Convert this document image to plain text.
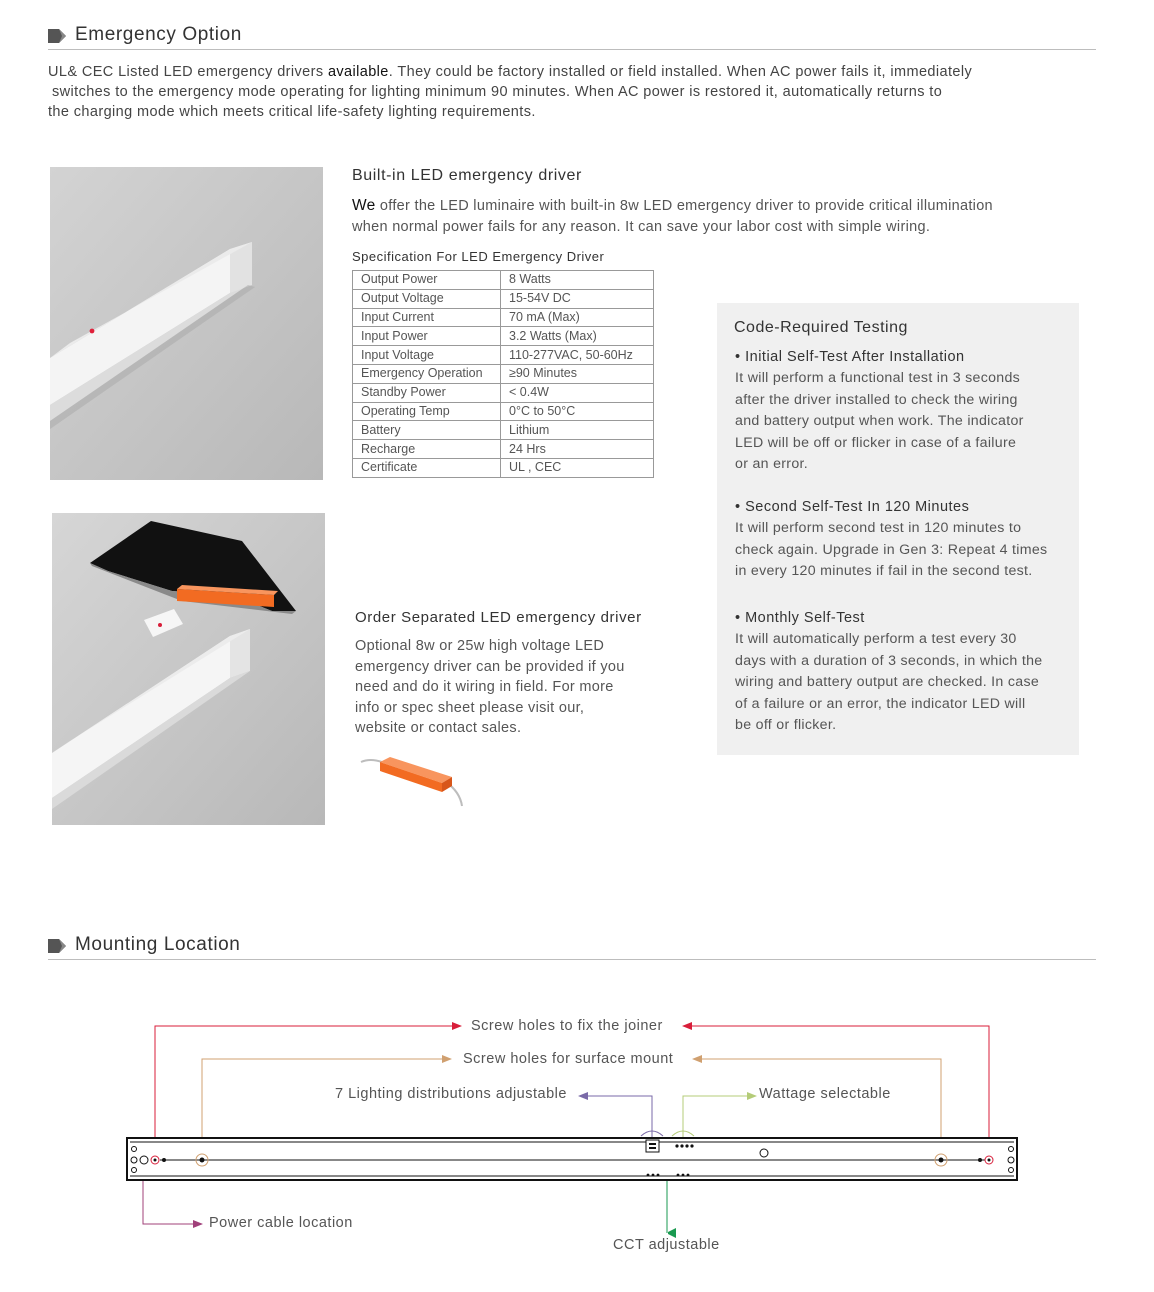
Emergency Option

UL& CEC Listed LED emergency drivers available. They could be factory installed or field installed. When AC power fails it, immediately

switches to the emergency mode operating for lighting minimum 90 minutes. When AC power is restored it, automatically returns to

the charging mode which meets critical life-safety lighting requirements.

Built-in LED emergency driver

We offer the LED luminaire with built-in 8w LED emergency driver to provide critical illumination

when normal power fails for any reason. It can save your labor cost with simple wiring.

Specification For LED Emergency Driver
Output Power	8 Watts
Output Voltage	15-54V DC
Input Current	70 mA (Max)
Input Power	3.2 Watts (Max)
Input Voltage	110-277VAC, 50-60Hz
Emergency Operation	≥90 Minutes
Standby Power	< 0.4W
Operating Temp	0°C to 50°C
Battery	Lithium
Recharge	24 Hrs
Certificate	UL , CEC
Order Separated LED emergency driver

Optional 8w or 25w high voltage LED

emergency driver can be provided if you

need and do it wiring in field. For more

info or spec sheet please visit our,

website or contact sales.

Code-Required Testing

• Initial Self-Test After Installation

It will perform a functional test in 3 seconds

after the driver installed to check the wiring

and battery output when work. The indicator

LED will be off or flicker in case of a failure

or an error.

• Second Self-Test In 120 Minutes

It will perform second test in 120 minutes to

check again. Upgrade in Gen 3: Repeat 4 times

in every 120 minutes if fail in the second test.

• Monthly Self-Test

It will automatically perform a test every 30

days with a duration of 3 seconds, in which the

wiring and battery output are checked. In case

of a failure or an error, the indicator LED will

be off or flicker.

Mounting Location
Screw holes to fix the joiner
Screw holes for surface mount
7 Lighting distributions adjustable	Wattage selectable
Power cable location
CCT adjustable
